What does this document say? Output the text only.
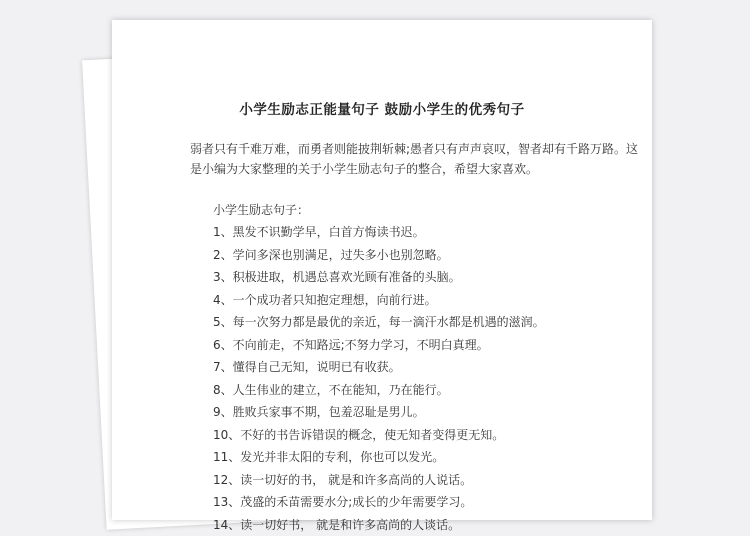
小学生励志正能量句子 鼓励小学生的优秀句子

弱者只有千难万难，而勇者则能披荆斩棘;愚者只有声声哀叹，智者却有千路万路。这是小编为大家整理的关于小学生励志句子的整合，希望大家喜欢。

小学生励志句子：
1、黑发不识勤学早，白首方悔读书迟。
2、学问多深也别满足，过失多小也别忽略。
3、积极进取，机遇总喜欢光顾有准备的头脑。
4、一个成功者只知抱定理想，向前行进。
5、每一次努力都是最优的亲近，每一滴汗水都是机遇的滋润。
6、不向前走，不知路远;不努力学习，不明白真理。
7、懂得自己无知，说明已有收获。
8、人生伟业的建立，不在能知，乃在能行。
9、胜败兵家事不期，包羞忍耻是男儿。
10、不好的书告诉错误的概念，使无知者变得更无知。
11、发光并非太阳的专利，你也可以发光。
12、读一切好的书， 就是和许多高尚的人说话。
13、茂盛的禾苗需要水分;成长的少年需要学习。
14、读一切好书， 就是和许多高尚的人谈话。
